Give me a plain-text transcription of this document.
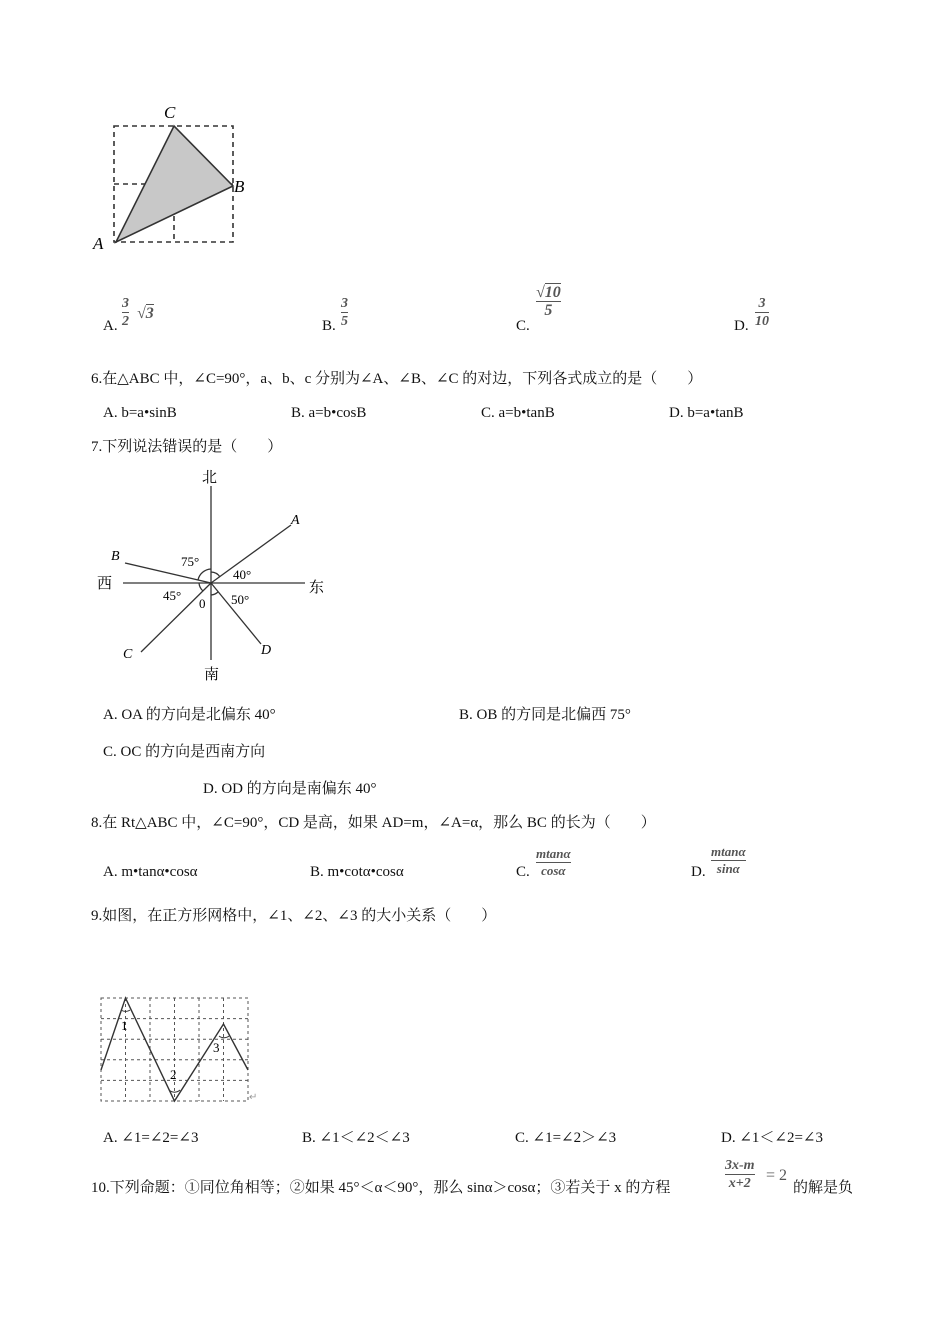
C
B
A
A.
3
2 √3
B.
3
5	C.
√10
5
D.
3
10
6.在△ABC 中，∠C=90°，a、b、c 分别为∠A、∠B、∠C 的对边，下列各式成立的是（　　）
A. b=a•sinB	B. a=b•cosB	C. a=b•tanB	D. b=a•tanB
7.下列说法错误的是（　　）
北
南
西	东
A
B
C	D
0
75°
40°
45°	50°
A. OA 的方向是北偏东 40°	B. OB 的方同是北偏西 75°
C. OC 的方向是西南方向
D. OD 的方向是南偏东 40°
8.在 Rt△ABC 中，∠C=90°，CD 是高，如果 AD=m，∠A=α，那么 BC 的长为（　　）
A. m•tanα•cosα	B. m•cotα•cosα	C.
mtanα
cosα	D.
mtanα
sinα
9.如图，在正方形网格中，∠1、∠2、∠3 的大小关系（　　）
1
2
3
↵
A. ∠1=∠2=∠3	B. ∠1＜∠2＜∠3	C. ∠1=∠2＞∠3	D. ∠1＜∠2=∠3
10.下列命题：①同位角相等；②如果 45°＜α＜90°，那么 sinα＞cosα；③若关于 x 的方程
3x-m
x+2 = 2
的解是负
